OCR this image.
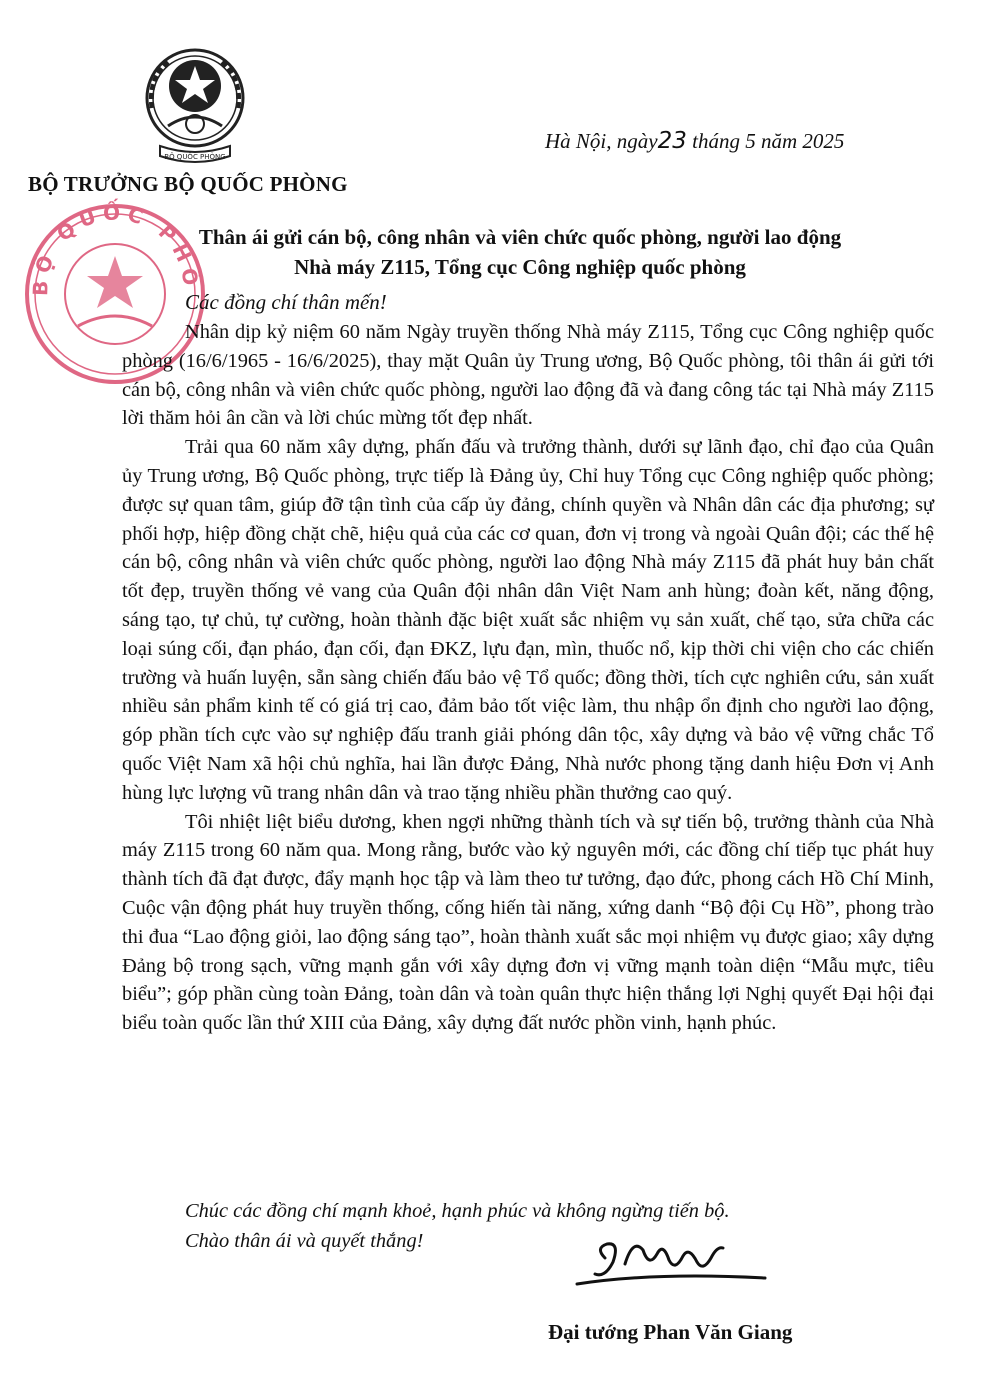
BỘ QUỐC PHÒNG
BỘ QUỐC PHÒ
Hà Nội, ngày23 tháng 5 năm 2025
BỘ TRƯỞNG BỘ QUỐC PHÒNG
Thân ái gửi cán bộ, công nhân và viên chức quốc phòng, người lao động
Nhà máy Z115, Tổng cục Công nghiệp quốc phòng
Các đồng chí thân mến!

Nhân dịp kỷ niệm 60 năm Ngày truyền thống Nhà máy Z115, Tổng cục Công nghiệp quốc phòng (16/6/1965 - 16/6/2025), thay mặt Quân ủy Trung ương, Bộ Quốc phòng, tôi thân ái gửi tới cán bộ, công nhân và viên chức quốc phòng, người lao động đã và đang công tác tại Nhà máy Z115 lời thăm hỏi ân cần và lời chúc mừng tốt đẹp nhất.

Trải qua 60 năm xây dựng, phấn đấu và trưởng thành, dưới sự lãnh đạo, chỉ đạo của Quân ủy Trung ương, Bộ Quốc phòng, trực tiếp là Đảng ủy, Chỉ huy Tổng cục Công nghiệp quốc phòng; được sự quan tâm, giúp đỡ tận tình của cấp ủy đảng, chính quyền và Nhân dân các địa phương; sự phối hợp, hiệp đồng chặt chẽ, hiệu quả của các cơ quan, đơn vị trong và ngoài Quân đội; các thế hệ cán bộ, công nhân và viên chức quốc phòng, người lao động Nhà máy Z115 đã phát huy bản chất tốt đẹp, truyền thống vẻ vang của Quân đội nhân dân Việt Nam anh hùng; đoàn kết, năng động, sáng tạo, tự chủ, tự cường, hoàn thành đặc biệt xuất sắc nhiệm vụ sản xuất, chế tạo, sửa chữa các loại súng cối, đạn pháo, đạn cối, đạn ĐKZ, lựu đạn, mìn, thuốc nổ, kịp thời chi viện cho các chiến trường và huấn luyện, sẵn sàng chiến đấu bảo vệ Tổ quốc; đồng thời, tích cực nghiên cứu, sản xuất nhiều sản phẩm kinh tế có giá trị cao, đảm bảo tốt việc làm, thu nhập ổn định cho người lao động, góp phần tích cực vào sự nghiệp đấu tranh giải phóng dân tộc, xây dựng và bảo vệ vững chắc Tổ quốc Việt Nam xã hội chủ nghĩa, hai lần được Đảng, Nhà nước phong tặng danh hiệu Đơn vị Anh hùng lực lượng vũ trang nhân dân và trao tặng nhiều phần thưởng cao quý.

Tôi nhiệt liệt biểu dương, khen ngợi những thành tích và sự tiến bộ, trưởng thành của Nhà máy Z115 trong 60 năm qua. Mong rằng, bước vào kỷ nguyên mới, các đồng chí tiếp tục phát huy thành tích đã đạt được, đẩy mạnh học tập và làm theo tư tưởng, đạo đức, phong cách Hồ Chí Minh, Cuộc vận động phát huy truyền thống, cống hiến tài năng, xứng danh “Bộ đội Cụ Hồ”, phong trào thi đua “Lao động giỏi, lao động sáng tạo”, hoàn thành xuất sắc mọi nhiệm vụ được giao; xây dựng Đảng bộ trong sạch, vững mạnh gắn với xây dựng đơn vị vững mạnh toàn diện “Mẫu mực, tiêu biểu”; góp phần cùng toàn Đảng, toàn dân và toàn quân thực hiện thắng lợi Nghị quyết Đại hội đại biểu toàn quốc lần thứ XIII của Đảng, xây dựng đất nước phồn vinh, hạnh phúc.

Chúc các đồng chí mạnh khoẻ, hạnh phúc và không ngừng tiến bộ.
Chào thân ái và quyết thắng!
Đại tướng Phan Văn Giang
